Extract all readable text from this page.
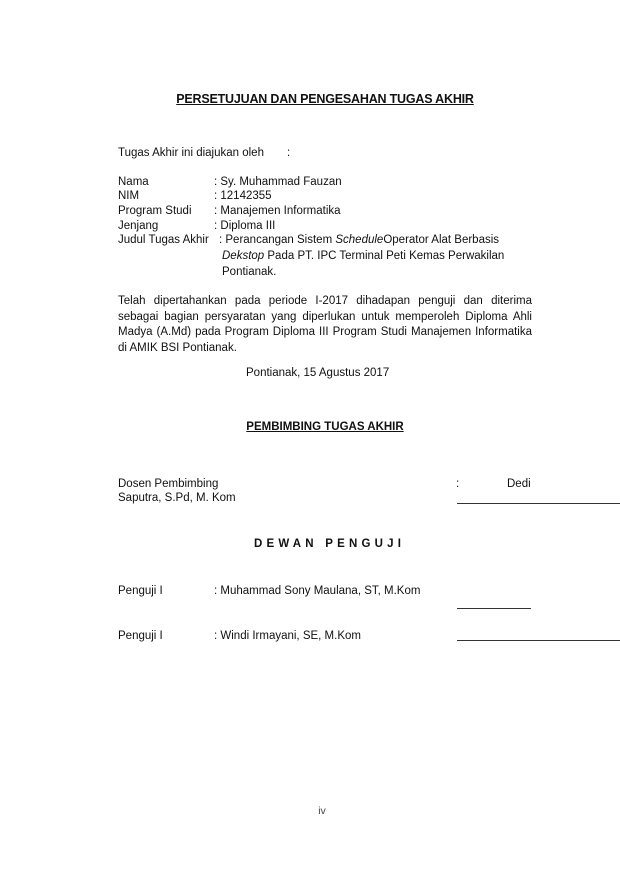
PERSETUJUAN DAN PENGESAHAN TUGAS AKHIR
Tugas Akhir ini diajukan oleh :
Nama	: Sy. Muhammad Fauzan
NIM	: 12142355
Program Studi : Manajemen Informatika
Jenjang	: Diploma III
Judul Tugas Akhir : Perancangan Sistem ScheduleOperator Alat Berbasis
Dekstop Pada PT. IPC Terminal Peti Kemas Perwakilan
Pontianak.
Telah dipertahankan pada periode I-2017 dihadapan penguji dan diterima sebagai bagian persyaratan yang diperlukan untuk memperoleh Diploma Ahli Madya (A.Md) pada Program Diploma III Program Studi Manajemen Informatika di AMIK BSI Pontianak.
Pontianak, 15 Agustus 2017
PEMBIMBING TUGAS AKHIR
Dosen Pembimbing	:	Dedi
Saputra, S.Pd, M. Kom
DEWAN PENGUJI
Penguji I	: Muhammad Sony Maulana, ST, M.Kom
Penguji I	: Windi Irmayani, SE, M.Kom
iv
